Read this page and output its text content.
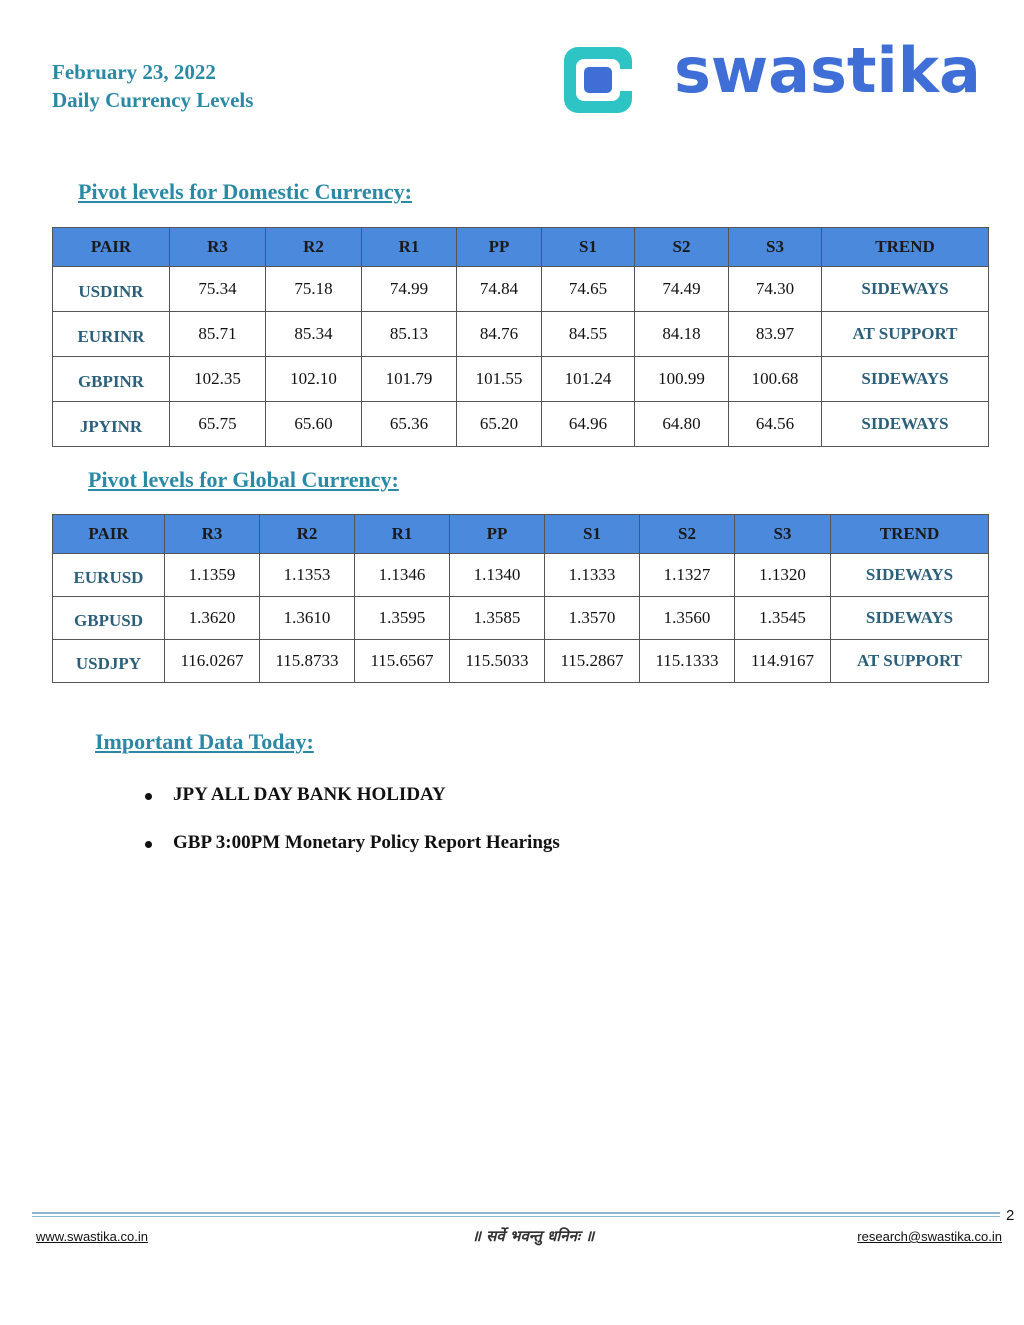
February 23, 2022
Daily Currency Levels	swastika
Pivot levels for Domestic Currency:
PAIR	R3	R2	R1	PP	S1	S2	S3	TREND
USDINR	75.34	75.18	74.99	74.84	74.65	74.49	74.30	SIDEWAYS
EURINR	85.71	85.34	85.13	84.76	84.55	84.18	83.97	AT SUPPORT
GBPINR	102.35	102.10	101.79	101.55	101.24	100.99	100.68	SIDEWAYS
JPYINR	65.75	65.60	65.36	65.20	64.96	64.80	64.56	SIDEWAYS
Pivot levels for Global Currency:
PAIR	R3	R2	R1	PP	S1	S2	S3	TREND
EURUSD	1.1359	1.1353	1.1346	1.1340	1.1333	1.1327	1.1320	SIDEWAYS
GBPUSD	1.3620	1.3610	1.3595	1.3585	1.3570	1.3560	1.3545	SIDEWAYS
USDJPY	116.0267	115.8733	115.6567	115.5033	115.2867	115.1333	114.9167	AT SUPPORT
Important Data Today:
JPY ALL DAY BANK HOLIDAY
GBP 3:00PM Monetary Policy Report Hearings
2
www.swastika.co.in	॥ सर्वे भवन्तु धनिनः ॥	research@swastika.co.in
